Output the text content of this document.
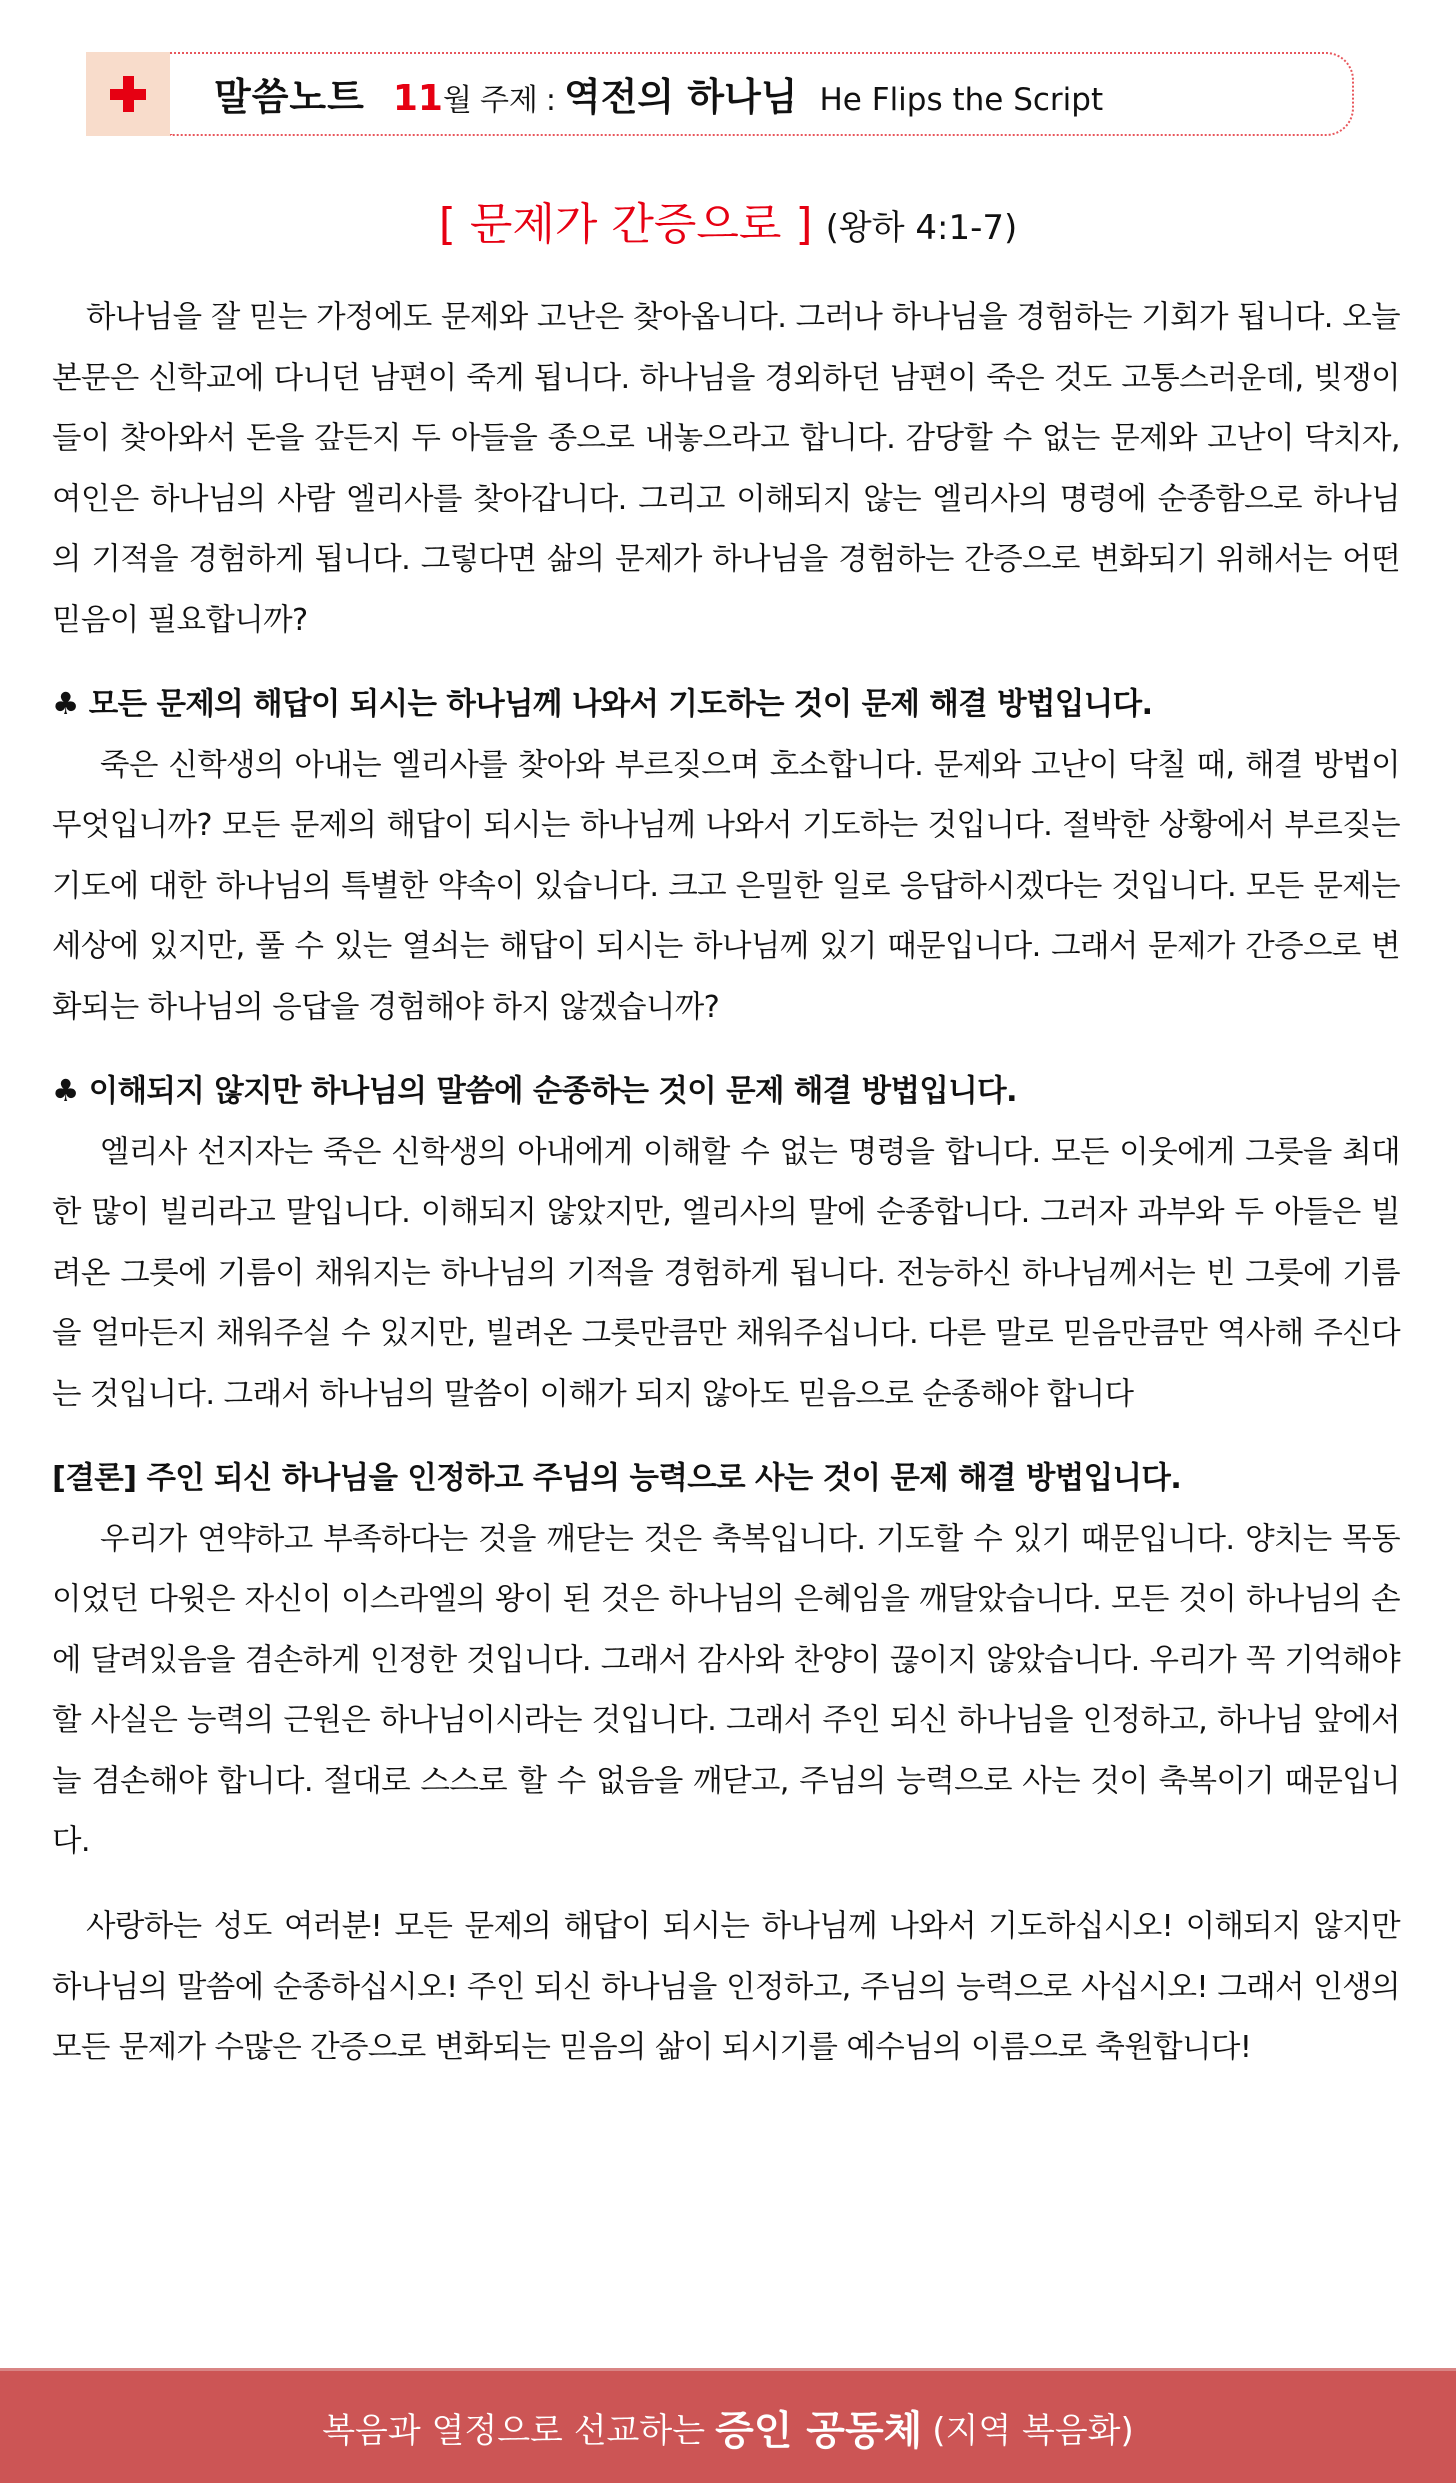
말씀노트 11 월 주제 : 역전의 하나님 He Flips the Script
[ 문제가 간증으로 ] (왕하 4:1-7)

하나님을 잘 믿는 가정에도 문제와 고난은 찾아옵니다. 그러나 하나님을 경험하는 기회가 됩니다. 오늘 본문은 신학교에 다니던 남편이 죽게 됩니다. 하나님을 경외하던 남편이 죽은 것도 고통스러운데, 빚쟁이들이 찾아와서 돈을 갚든지 두 아들을 종으로 내놓으라고 합니다. 감당할 수 없는 문제와 고난이 닥치자, 여인은 하나님의 사람 엘리사를 찾아갑니다. 그리고 이해되지 않는 엘리사의 명령에 순종함으로 하나님의 기적을 경험하게 됩니다. 그렇다면 삶의 문제가 하나님을 경험하는 간증으로 변화되기 위해서는 어떤 믿음이 필요합니까?

♣ 모든 문제의 해답이 되시는 하나님께 나와서 기도하는 것이 문제 해결 방법입니다.

죽은 신학생의 아내는 엘리사를 찾아와 부르짖으며 호소합니다. 문제와 고난이 닥칠 때, 해결 방법이 무엇입니까? 모든 문제의 해답이 되시는 하나님께 나와서 기도하는 것입니다. 절박한 상황에서 부르짖는 기도에 대한 하나님의 특별한 약속이 있습니다. 크고 은밀한 일로 응답하시겠다는 것입니다. 모든 문제는 세상에 있지만, 풀 수 있는 열쇠는 해답이 되시는 하나님께 있기 때문입니다. 그래서 문제가 간증으로 변화되는 하나님의 응답을 경험해야 하지 않겠습니까?

♣ 이해되지 않지만 하나님의 말씀에 순종하는 것이 문제 해결 방법입니다.

엘리사 선지자는 죽은 신학생의 아내에게 이해할 수 없는 명령을 합니다. 모든 이웃에게 그릇을 최대한 많이 빌리라고 말입니다. 이해되지 않았지만, 엘리사의 말에 순종합니다. 그러자 과부와 두 아들은 빌려온 그릇에 기름이 채워지는 하나님의 기적을 경험하게 됩니다. 전능하신 하나님께서는 빈 그릇에 기름을 얼마든지 채워주실 수 있지만, 빌려온 그릇만큼만 채워주십니다. 다른 말로 믿음만큼만 역사해 주신다는 것입니다. 그래서 하나님의 말씀이 이해가 되지 않아도 믿음으로 순종해야 합니다

[결론] 주인 되신 하나님을 인정하고 주님의 능력으로 사는 것이 문제 해결 방법입니다.

우리가 연약하고 부족하다는 것을 깨닫는 것은 축복입니다. 기도할 수 있기 때문입니다. 양치는 목동이었던 다윗은 자신이 이스라엘의 왕이 된 것은 하나님의 은혜임을 깨달았습니다. 모든 것이 하나님의 손에 달려있음을 겸손하게 인정한 것입니다. 그래서 감사와 찬양이 끊이지 않았습니다. 우리가 꼭 기억해야 할 사실은 능력의 근원은 하나님이시라는 것입니다. 그래서 주인 되신 하나님을 인정하고, 하나님 앞에서 늘 겸손해야 합니다. 절대로 스스로 할 수 없음을 깨닫고, 주님의 능력으로 사는 것이 축복이기 때문입니다.

사랑하는 성도 여러분! 모든 문제의 해답이 되시는 하나님께 나와서 기도하십시오! 이해되지 않지만 하나님의 말씀에 순종하십시오! 주인 되신 하나님을 인정하고, 주님의 능력으로 사십시오! 그래서 인생의 모든 문제가 수많은 간증으로 변화되는 믿음의 삶이 되시기를 예수님의 이름으로 축원합니다!

복음과 열정으로 선교하는 증인 공동체 (지역 복음화)
